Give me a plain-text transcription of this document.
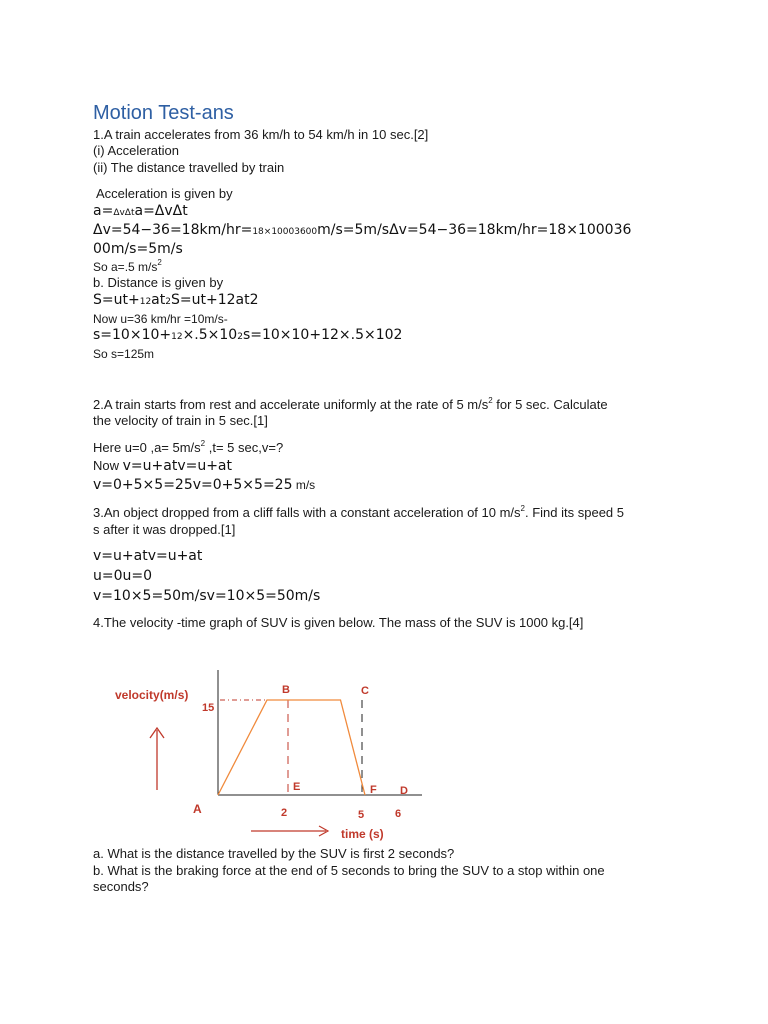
Motion Test-ans
1.A train accelerates from 36 km/h to 54 km/h in 10 sec.[2]
(i) Acceleration
(ii) The distance travelled by train
Acceleration is given by
a=ΔvΔta=ΔvΔt
Δv=54−36=18km/hr=18×10003600m/s=5m/sΔv=54−36=18km/hr=18×100036
00m/s=5m/s
So a=.5 $m/s^2$
b. Distance is given by
S=ut+12at2S=ut+12at2
Now u=36 km/hr =10m/s-
s=10×10+12×.5×102s=10×10+12×.5×102
So s=125m
2.A train starts from rest and accelerate uniformly at the rate of 5 $m/s^2$ for 5 sec. Calculate
the velocity of train in 5 sec.[1]
Here u=0 $,a= 5m/s^2$ ,t= 5 sec,v=?
Now v=u+atv=u+at
v=0+5×5=25v=0+5×5=25 m/s
3.An object dropped from a cliff falls with a constant acceleration of 10 $m/s^2$. Find its speed 5
s after it was dropped.[1]
v=u+atv=u+at
u=0u=0
v=10×5=50m/sv=10×5=50m/s
4.The velocity -time graph of SUV is given below. The mass of the SUV is 1000 kg.[4]
velocity(m/s)
15
A
B	C
D
E	F
2	5	6
time (s)
a. What is the distance travelled by the SUV is first 2 seconds?
b. What is the braking force at the end of 5 seconds to bring the SUV to a stop within one
seconds?
